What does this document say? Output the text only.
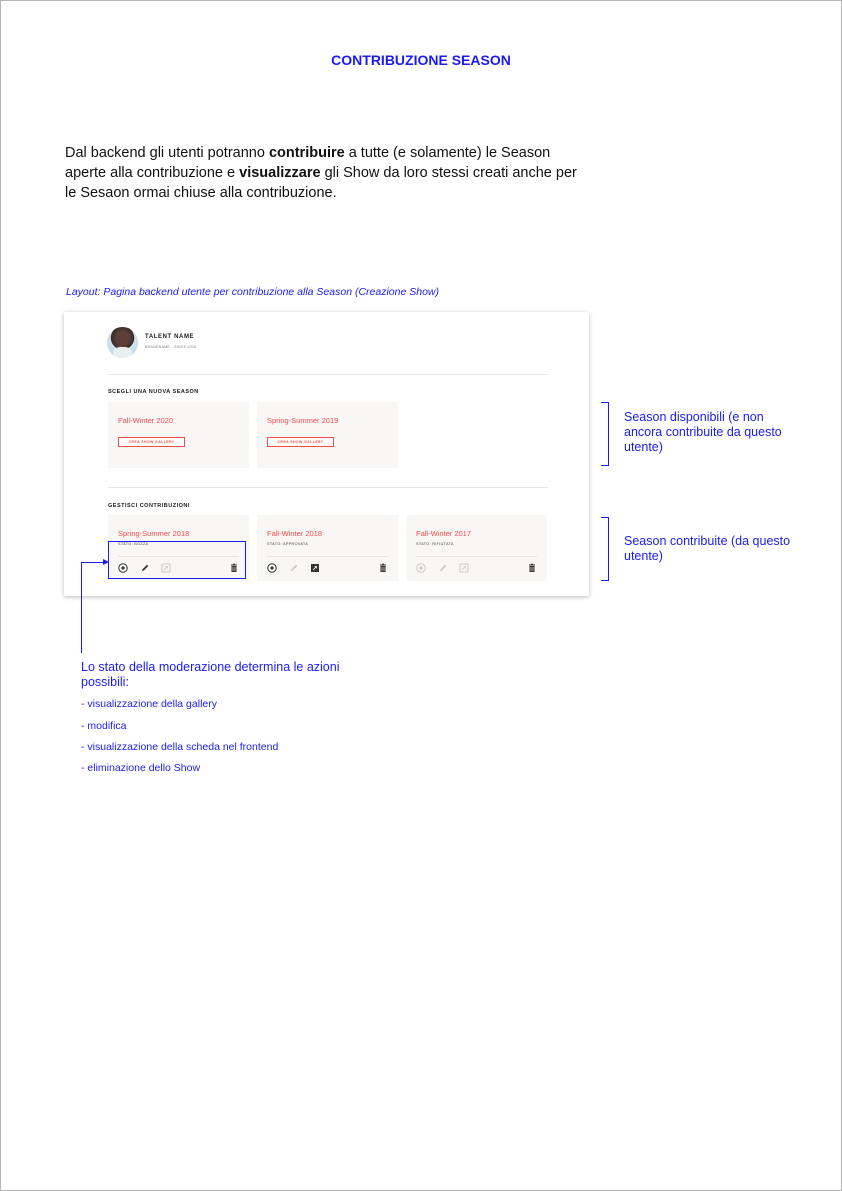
CONTRIBUZIONE SEASON
Dal backend gli utenti potranno contribuire a tutte (e solamente) le Season aperte alla contribuzione e visualizzare gli Show da loro stessi creati anche per le Sesaon ormai chiuse alla contribuzione.
Layout: Pagina backend utente per contribuzione alla Season (Creazione Show)
TALENT NAME
BRANDNAME - SINCE 2018
SCEGLI UNA NUOVA SEASON
Fall-Winter 2020
CREA SHOW GALLERY
Spring-Summer 2019
CREA SHOW GALLERY
GESTISCI CONTRIBUZIONI
Spring-Summer 2018
STATO: BOZZA
Fall-Winter 2018
STATO: APPROVATA
Fall-Winter 2017
STATO: RIFIUTATA
Season disponibili (e non ancora contribuite da questo utente)
Season contribuite (da questo utente)
Lo stato della moderazione determina le azioni possibili:
- visualizzazione della gallery
- modifica
- visualizzazione della scheda nel frontend
- eliminazione dello Show
